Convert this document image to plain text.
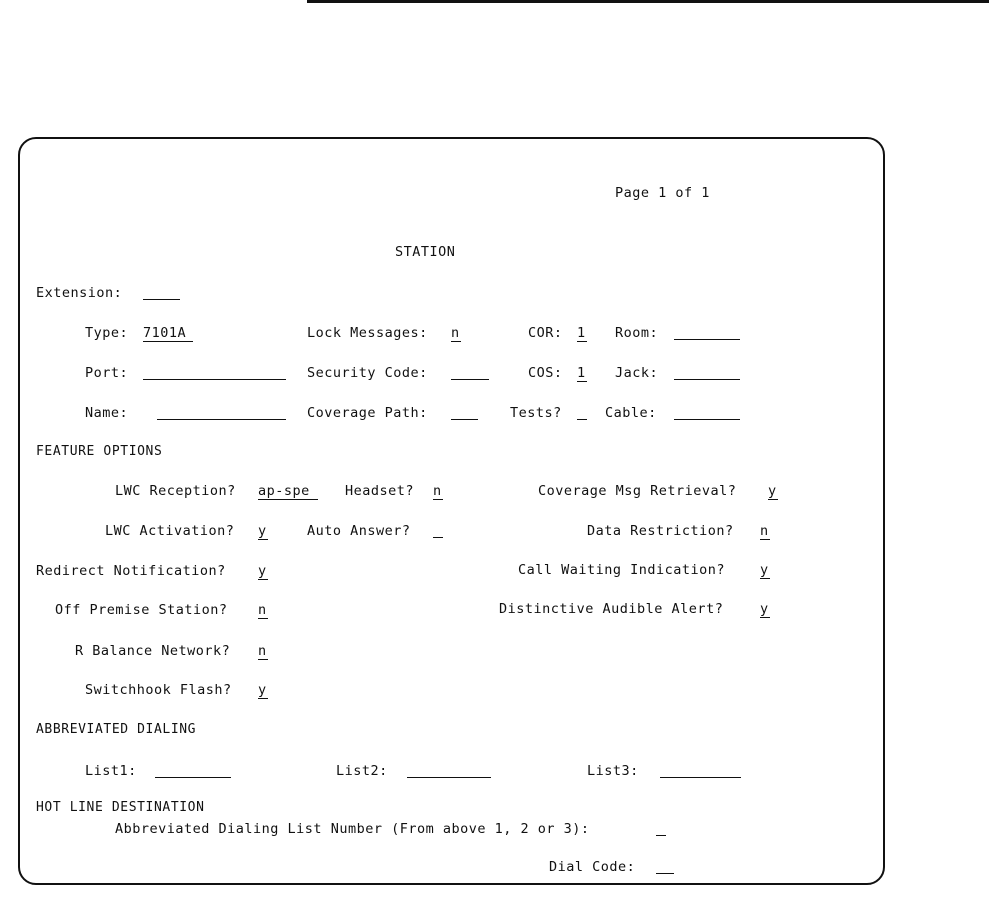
Page 1 of 1
STATION
Extension:
Type: 7101A	Lock Messages: n	COR: 1 Room:
Port:	Security Code:	COS: 1 Jack:
Name:	Coverage Path:	Tests?	Cable:
FEATURE OPTIONS
LWC Reception? ap-spe	Headset? n	Coverage Msg Retrieval? y
LWC Activation? y	Auto Answer?	Data Restriction? n
Redirect Notification? y	Call Waiting Indication?	y
Off Premise Station? n	Distinctive Audible Alert?	y
R Balance Network? n
Switchhook Flash? y
ABBREVIATED DIALING
List1:	List2:	List3:
HOT LINE DESTINATION
Abbreviated Dialing List Number (From above 1, 2 or 3):
Dial Code:
